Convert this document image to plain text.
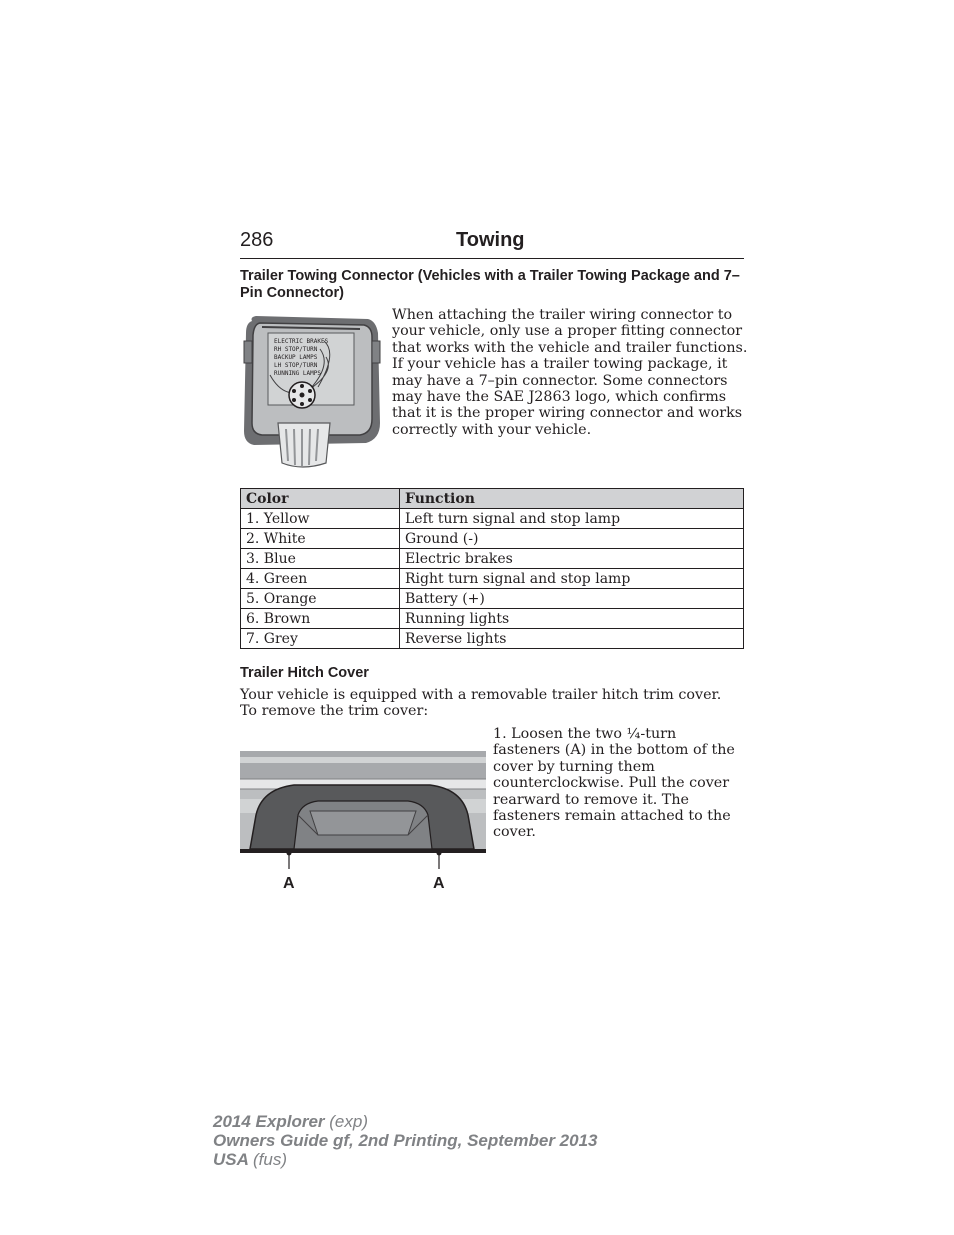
286	Towing
Trailer Towing Connector (Vehicles with a Trailer Towing Package and 7–Pin Connector)
ELECTRIC BRAKES
RH STOP/TURN
BACKUP LAMPS
LH STOP/TURN
RUNNING LAMPS

When attaching the trailer wiring connector to your vehicle, only use a proper fitting connector that works with the vehicle and trailer functions. If your vehicle has a trailer towing package, it may have a 7–pin connector. Some connectors may have the SAE J2863 logo, which confirms that it is the proper wiring connector and works correctly with your vehicle.

Color	Function
1. Yellow	Left turn signal and stop lamp
2. White	Ground (-)
3. Blue	Electric brakes
4. Green	Right turn signal and stop lamp
5. Orange	Battery (+)
6. Brown	Running lights
7. Grey	Reverse lights
Trailer Hitch Cover

Your vehicle is equipped with a removable trailer hitch trim cover. To remove the trim cover:

1. Loosen the two ¼-turn fasteners (A) in the bottom of the cover by turning them counterclockwise. Pull the cover rearward to remove it. The fasteners remain attached to the cover.

A	A
2014 Explorer (exp)
Owners Guide gf, 2nd Printing, September 2013
USA (fus)
